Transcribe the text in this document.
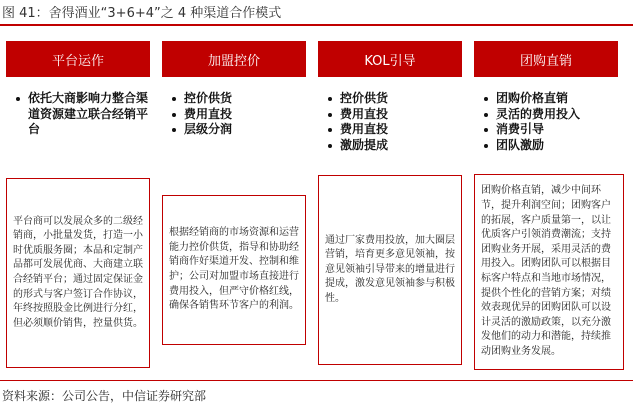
图 41：舍得酒业“3+6+4”之 4 种渠道合作模式
平台运作
依托大商影响力整合渠道资源建立联合经销平台
平台商可以发展众多的二级经销商，小批量发货，打造一小时优质服务圈；本品和定制产品都可发展优商、大商建立联合经销平台；通过固定保证金的形式与客户签订合作协议，年终按照股金比例进行分红，但必须顺价销售，控量供货。
加盟控价
控价供货
费用直投
层级分润
根据经销商的市场资源和运营能力控价供货，指导和协助经销商作好渠道开发、控制和维护；公司对加盟市场直接进行费用投入，但严守价格红线，确保各销售环节客户的利润。
KOL引导
控价供货
费用直投
费用直投
激励提成
通过厂家费用投放，加大圈层营销，培育更多意见领袖，按意见领袖引导带来的增量进行提成，激发意见领袖参与积极性。
团购直销
团购价格直销
灵活的费用投入
消费引导
团队激励
团购价格直销，减少中间环节，提升利润空间；团购客户的拓展，客户质量第一，以让优质客户引领消费潮流；支持团购业务开展，采用灵活的费用投入。团购团队可以根据目标客户特点和当地市场情况，提供个性化的营销方案；对绩效表现优异的团购团队可以设计灵活的激励政策，以充分激发他们的动力和潜能，持续推动团购业务发展。
资料来源：公司公告，中信证券研究部
